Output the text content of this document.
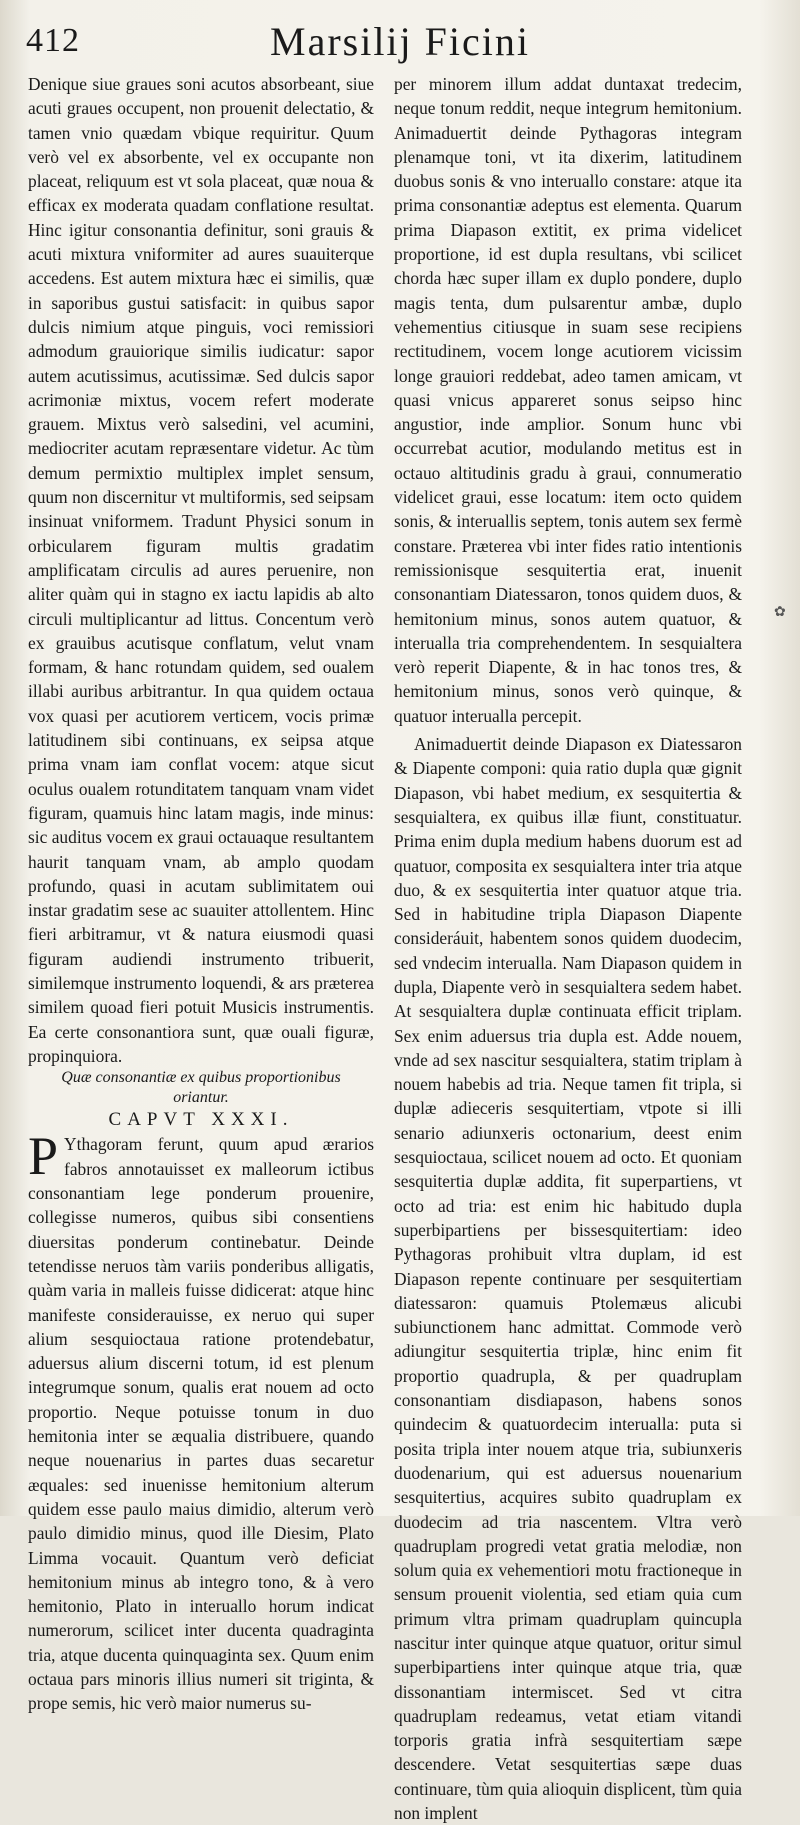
412	Marsilij Ficini

Denique siue graues soni acutos absorbeant, siue acuti graues occupent, non prouenit delectatio, & tamen vnio quædam vbique requiritur. Quum verò vel ex absorbente, vel ex occupante non placeat, reliquum est vt sola placeat, quæ noua & efficax ex moderata quadam conflatione resultat. Hinc igitur consonantia definitur, soni grauis & acuti mixtura vniformiter ad aures suauiterque accedens. Est autem mixtura hæc ei similis, quæ in saporibus gustui satisfacit: in quibus sapor dulcis nimium atque pinguis, voci remissiori admodum grauiorique similis iudicatur: sapor autem acutissimus, acutissimæ. Sed dulcis sapor acrimoniæ mixtus, vocem refert moderate grauem. Mixtus verò salsedini, vel acumini, mediocriter acutam repræsentare videtur. Ac tùm demum permixtio multiplex implet sensum, quum non discernitur vt multiformis, sed seipsam insinuat vniformem. Tradunt Physici sonum in orbicularem figuram multis gradatim amplificatam circulis ad aures peruenire, non aliter quàm qui in stagno ex iactu lapidis ab alto circuli multiplicantur ad littus. Concentum verò ex grauibus acutisque conflatum, velut vnam formam, & hanc rotundam quidem, sed oualem illabi auribus arbitrantur. In qua quidem octaua vox quasi per acutiorem verticem, vocis primæ latitudinem sibi continuans, ex seipsa atque prima vnam iam conflat vocem: atque sicut oculus oualem rotunditatem tanquam vnam videt figuram, quamuis hinc latam magis, inde minus: sic auditus vocem ex graui octauaque resultantem haurit tanquam vnam, ab amplo quodam profundo, quasi in acutam sublimitatem oui instar gradatim sese ac suauiter attollentem. Hinc fieri arbitramur, vt & natura eiusmodi quasi figuram audiendi instrumento tribuerit, similemque instrumento loquendi, & ars præterea similem quoad fieri potuit Musicis instrumentis. Ea certe consonantiora sunt, quæ ouali figuræ, propinquiora.

Quæ consonantiæ ex quibus proportionibus oriantur.

CAPVT XXXI.

P Ythagoram ferunt, quum apud ærarios fabros annotauisset ex malleorum ictibus consonantiam lege ponderum prouenire, collegisse numeros, quibus sibi consentiens diuersitas ponderum continebatur. Deinde tetendisse neruos tàm variis ponderibus alligatis, quàm varia in malleis fuisse didicerat: atque hinc manifeste considerauisse, ex neruo qui super alium sesquioctaua ratione protendebatur, aduersus alium discerni totum, id est plenum integrumque sonum, qualis erat nouem ad octo proportio. Neque potuisse tonum in duo hemitonia inter se æqualia distribuere, quando neque nouenarius in partes duas secaretur æquales: sed inuenisse hemitonium alterum quidem esse paulo maius dimidio, alterum verò paulo dimidio minus, quod ille Diesim, Plato Limma vocauit. Quantum verò deficiat hemitonium minus ab integro tono, & à vero hemitonio, Plato in interuallo horum indicat numerorum, scilicet inter ducenta quadraginta tria, atque ducenta quinquaginta sex. Quum enim octaua pars minoris illius numeri sit triginta, & prope semis, hic verò maior numerus su-

per minorem illum addat duntaxat tredecim, neque tonum reddit, neque integrum hemitonium. Animaduertit deinde Pythagoras integram plenamque toni, vt ita dixerim, latitudinem duobus sonis & vno interuallo constare: atque ita prima consonantiæ adeptus est elementa. Quarum prima Diapason extitit, ex prima videlicet proportione, id est dupla resultans, vbi scilicet chorda hæc super illam ex duplo pondere, duplo magis tenta, dum pulsarentur ambæ, duplo vehementius citiusque in suam sese recipiens rectitudinem, vocem longe acutiorem vicissim longe grauiori reddebat, adeo tamen amicam, vt quasi vnicus appareret sonus seipso hinc angustior, inde amplior. Sonum hunc vbi occurrebat acutior, modulando metitus est in octauo altitudinis gradu à graui, connumeratio videlicet graui, esse locatum: item octo quidem sonis, & interuallis septem, tonis autem sex fermè constare. Præterea vbi inter fides ratio intentionis remissionisque sesquitertia erat, inuenit consonantiam Diatessaron, tonos quidem duos, & hemitonium minus, sonos autem quatuor, & interualla tria comprehendentem. In sesquialtera verò reperit Diapente, & in hac tonos tres, & hemitonium minus, sonos verò quinque, & quatuor interualla percepit.

Animaduertit deinde Diapason ex Diatessaron & Diapente componi: quia ratio dupla quæ gignit Diapason, vbi habet medium, ex sesquitertia & sesquialtera, ex quibus illæ fiunt, constituatur. Prima enim dupla medium habens duorum est ad quatuor, composita ex sesquialtera inter tria atque duo, & ex sesquitertia inter quatuor atque tria. Sed in habitudine tripla Diapason Diapente consideráuit, habentem sonos quidem duodecim, sed vndecim interualla. Nam Diapason quidem in dupla, Diapente verò in sesquialtera sedem habet. At sesquialtera duplæ continuata efficit triplam. Sex enim aduersus tria dupla est. Adde nouem, vnde ad sex nascitur sesquialtera, statim triplam à nouem habebis ad tria. Neque tamen fit tripla, si duplæ adieceris sesquitertiam, vtpote si illi senario adiunxeris octonarium, deest enim sesquioctaua, scilicet nouem ad octo. Et quoniam sesquitertia duplæ addita, fit superpartiens, vt octo ad tria: est enim hic habitudo dupla superbipartiens per bissesquitertiam: ideo Pythagoras prohibuit vltra duplam, id est Diapason repente continuare per sesquitertiam diatessaron: quamuis Ptolemæus alicubi subiunctionem hanc admittat. Commode verò adiungitur sesquitertia triplæ, hinc enim fit proportio quadrupla, & per quadruplam consonantiam disdiapason, habens sonos quindecim & quatuordecim interualla: puta si posita tripla inter nouem atque tria, subiunxeris duodenarium, qui est aduersus nouenarium sesquitertius, acquires subito quadruplam ex duodecim ad tria nascentem. Vltra verò quadruplam progredi vetat gratia melodiæ, non solum quia ex vehementiori motu fractioneque in sensum prouenit violentia, sed etiam quia cum primum vltra primam quadruplam quincupla nascitur inter quinque atque quatuor, oritur simul superbipartiens inter quinque atque tria, quæ dissonantiam intermiscet. Sed vt citra quadruplam redeamus, vetat etiam vitandi torporis gratia infrà sesquitertiam sæpe descendere. Vetat sesquitertias sæpe duas continuare, tùm quia alioquin displicent, tùm quia non implent

✿
